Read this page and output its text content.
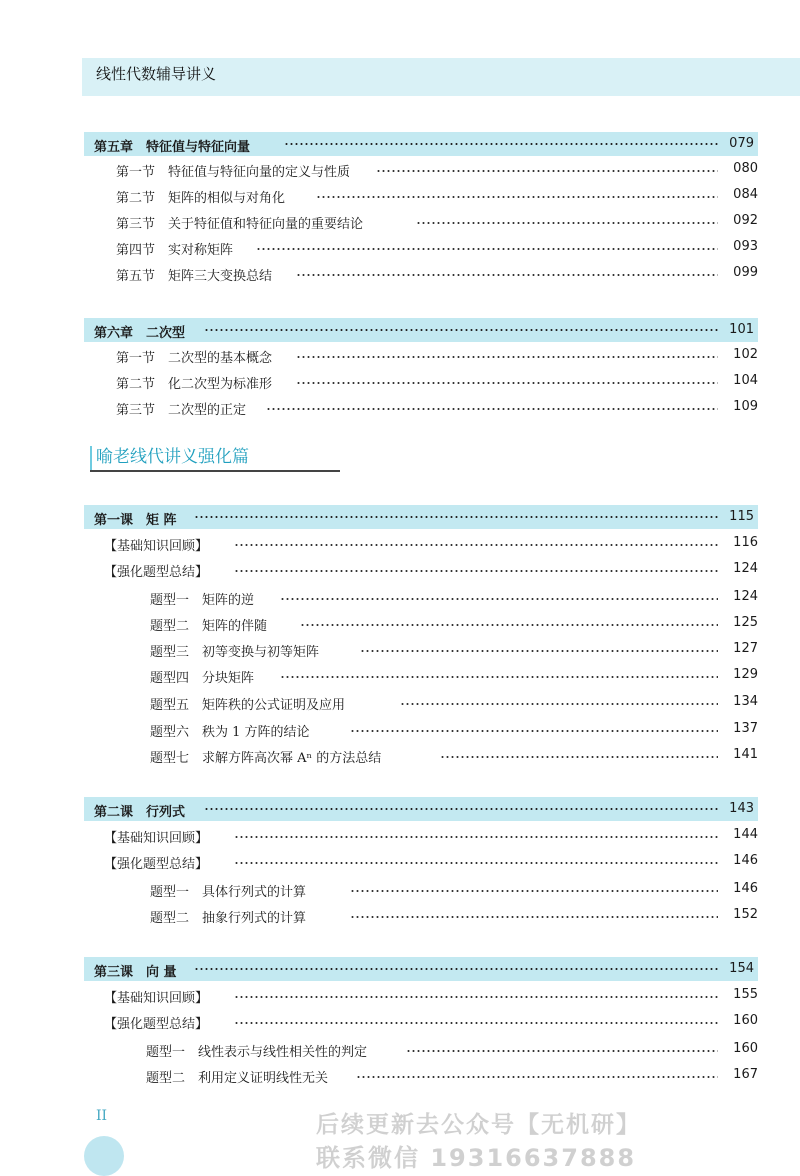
线性代数辅导讲义
第五章　特征值与特征向量	079
第一节　特征值与特征向量的定义与性质	080
第二节　矩阵的相似与对角化	084
第三节　关于特征值和特征向量的重要结论	092
第四节　实对称矩阵	093
第五节　矩阵三大变换总结	099
第六章　二次型	101
第一节　二次型的基本概念	102
第二节　化二次型为标准形	104
第三节　二次型的正定	109
喻老线代讲义强化篇
第一课　矩 阵	115
【基础知识回顾】	116
【强化题型总结】	124
题型一　矩阵的逆	124
题型二　矩阵的伴随	125
题型三　初等变换与初等矩阵	127
题型四　分块矩阵	129
题型五　矩阵秩的公式证明及应用	134
题型六　秩为 1 方阵的结论	137
题型七　求解方阵高次幂 Aⁿ 的方法总结	141
第二课　行列式	143
【基础知识回顾】	144
【强化题型总结】	146
题型一　具体行列式的计算	146
题型二　抽象行列式的计算	152
第三课　向 量	154
【基础知识回顾】	155
【强化题型总结】	160
题型一　线性表示与线性相关性的判定	160
题型二　利用定义证明线性无关	167
II	后续更新去公众号【无机研】
联系微信 19316637888
